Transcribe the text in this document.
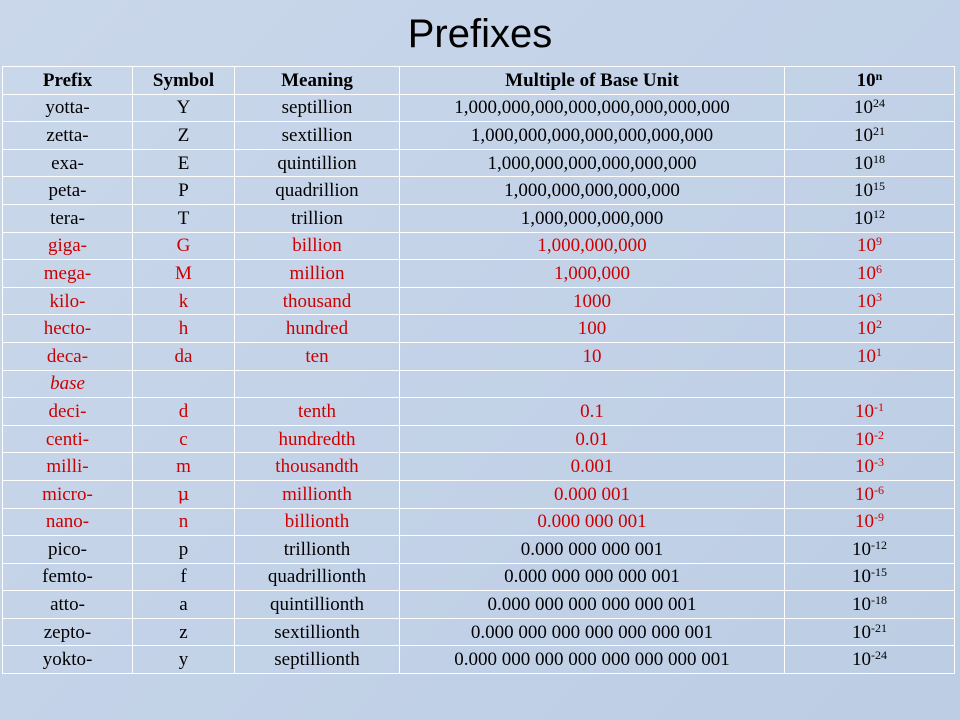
Prefixes
Prefix	Symbol	Meaning	Multiple of Base Unit	10$^n$
yotta-	Y	septillion	1,000,000,000,000,000,000,000,000	$10^{24}$
zetta-	Z	sextillion	1,000,000,000,000,000,000,000	$10^{21}$
exa-	E	quintillion	1,000,000,000,000,000,000	$10^{18}$
peta-	P	quadrillion	1,000,000,000,000,000	$10^{15}$
tera-	T	trillion	1,000,000,000,000	$10^{12}$
giga-	G	billion	1,000,000,000	$10^9$
mega-	M	million	1,000,000	$10^6$
kilo-	k	thousand	1000	$10^3$
hecto-	h	hundred	100	$10^2$
deca-	da	ten	10	$10^1$
base				
deci-	d	tenth	0.1	$10^{-1}$
centi-	c	hundredth	0.01	$10^{-2}$
milli-	m	thousandth	0.001	$10^{-3}$
micro-	μ	millionth	0.000 001	$10^{-6}$
nano-	n	billionth	0.000 000 001	$10^{-9}$
pico-	p	trillionth	0.000 000 000 001	$10^{-12}$
femto-	f	quadrillionth	0.000 000 000 000 001	$10^{-15}$
atto-	a	quintillionth	0.000 000 000 000 000 001	$10^{-18}$
zepto-	z	sextillionth	0.000 000 000 000 000 000 001	$10^{-21}$
yokto-	y	septillionth	0.000 000 000 000 000 000 000 001	$10^{-24}$
